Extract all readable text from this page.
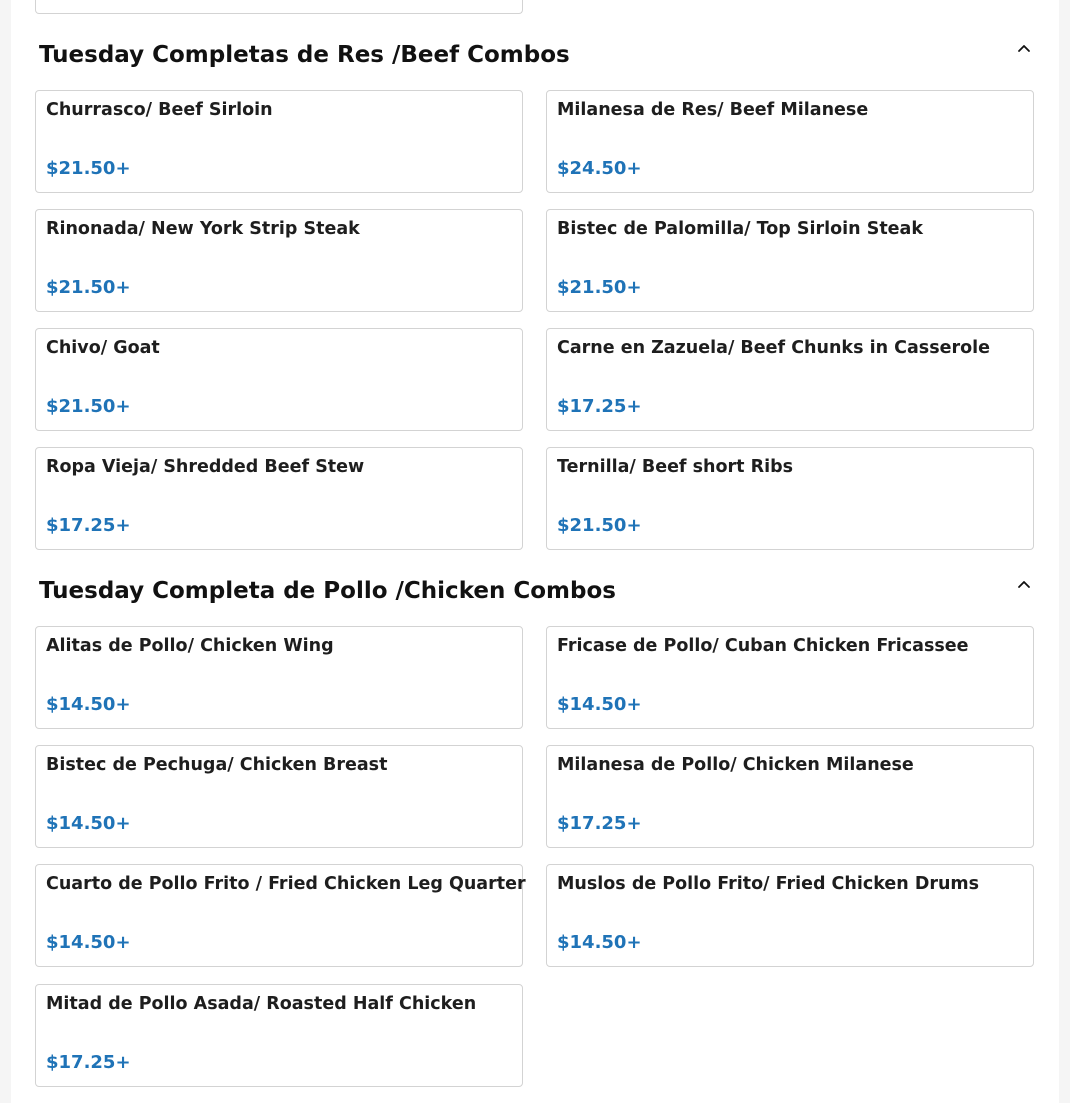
Tuesday Completas de Res /Beef Combos
Churrasco/ Beef Sirloin
$21.50+
Milanesa de Res/ Beef Milanese
$24.50+
Rinonada/ New York Strip Steak
$21.50+
Bistec de Palomilla/ Top Sirloin Steak
$21.50+
Chivo/ Goat
$21.50+
Carne en Zazuela/ Beef Chunks in Casserole
$17.25+
Ropa Vieja/ Shredded Beef Stew
$17.25+
Ternilla/ Beef short Ribs
$21.50+
Tuesday Completa de Pollo /Chicken Combos
Alitas de Pollo/ Chicken Wing
$14.50+
Fricase de Pollo/ Cuban Chicken Fricassee
$14.50+
Bistec de Pechuga/ Chicken Breast
$14.50+
Milanesa de Pollo/ Chicken Milanese
$17.25+
Cuarto de Pollo Frito / Fried Chicken Leg Quarter
$14.50+
Muslos de Pollo Frito/ Fried Chicken Drums
$14.50+
Mitad de Pollo Asada/ Roasted Half Chicken
$17.25+
